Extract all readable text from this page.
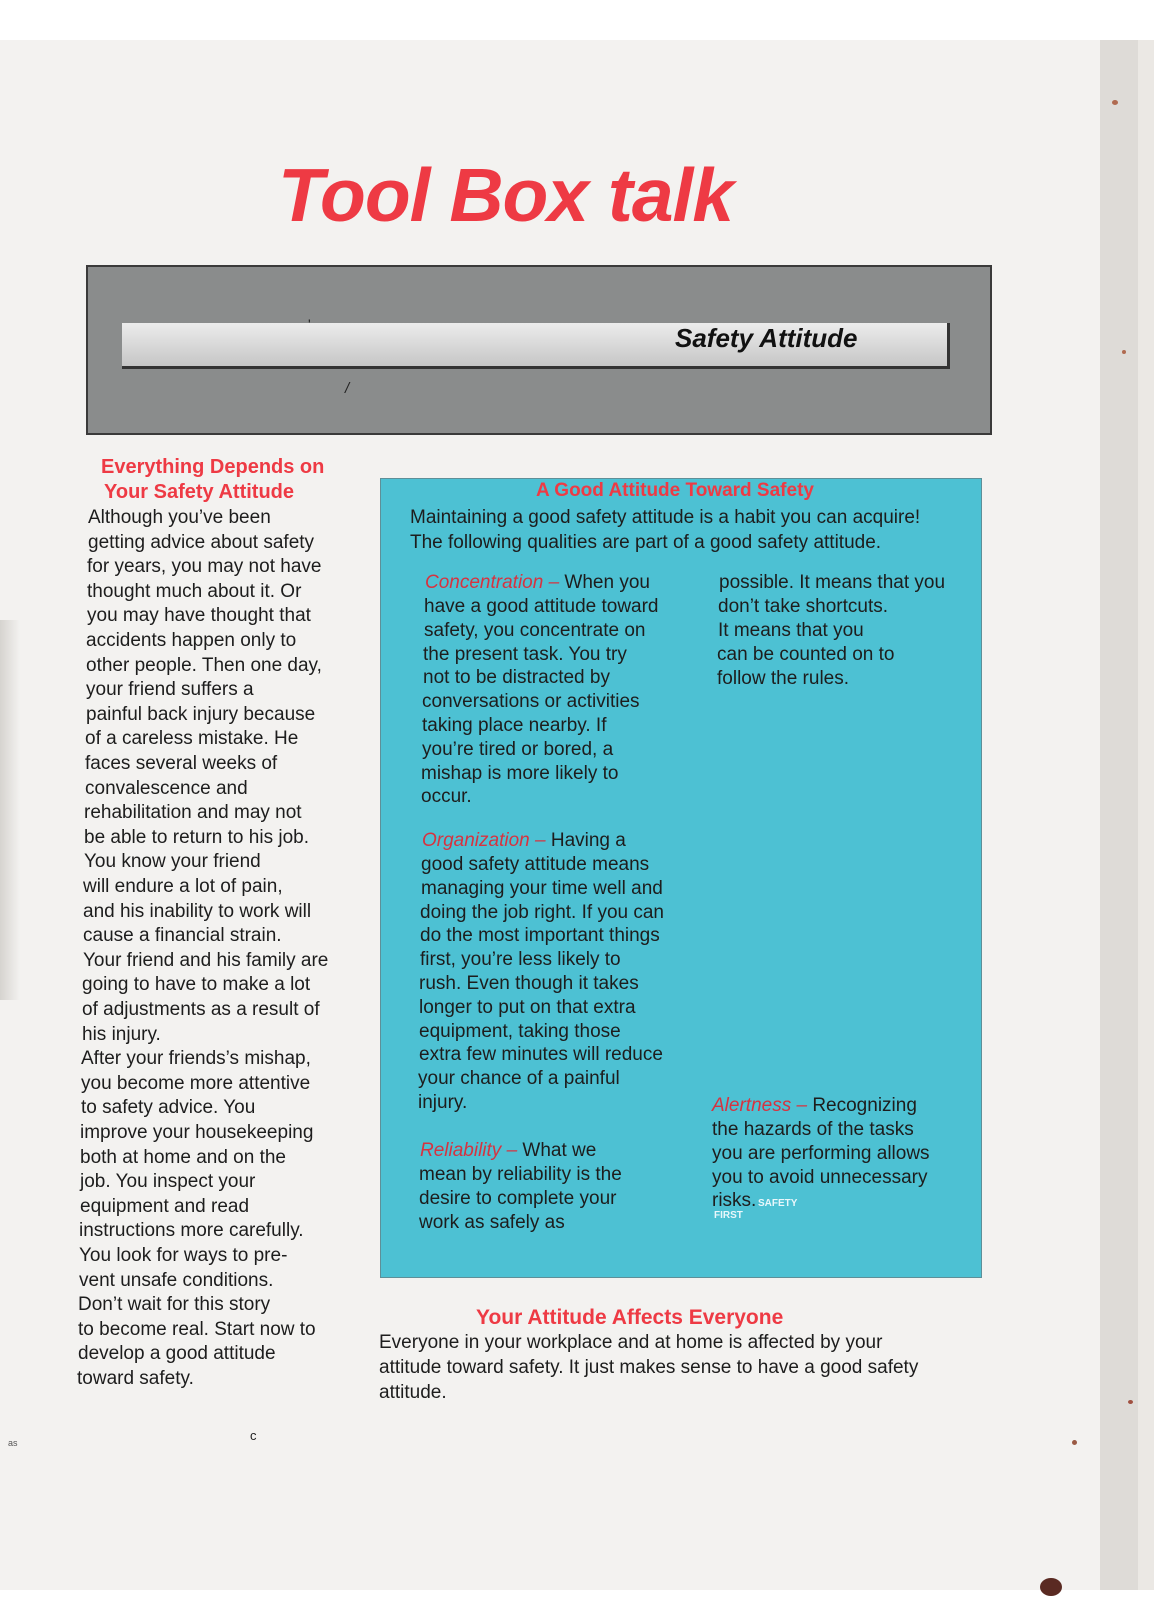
Tool Box talk
Safety Attitude
'
/
Everything Depends on
Your Safety Attitude
Although you’ve been
getting advice about safety
for years, you may not have
thought much about it. Or
you may have thought that
accidents happen only to
other people. Then one day,
your friend suffers a
painful back injury because
of a careless mistake. He
faces several weeks of
convalescence and
rehabilitation and may not
be able to return to his job.
You know your friend
will endure a lot of pain,
and his inability to work will
cause a financial strain.
Your friend and his family are
going to have to make a lot
of adjustments as a result of
his injury.
After your friends’s mishap,
you become more attentive
to safety advice. You
improve your housekeeping
both at home and on the
job. You inspect your
equipment and read
instructions more carefully.
You look for ways to pre-
vent unsafe conditions.
Don’t wait for this story
to become real. Start now to
develop a good attitude
toward safety.
A Good Attitude Toward Safety
Maintaining a good safety attitude is a habit you can acquire!
The following qualities are part of a good safety attitude.
Concentration – When you
have a good attitude toward
safety, you concentrate on
the present task. You try
not to be distracted by
conversations or activities
taking place nearby. If
you’re tired or bored, a
mishap is more likely to
occur.
Organization – Having a
good safety attitude means
managing your time well and
doing the job right. If you can
do the most important things
first, you’re less likely to
rush. Even though it takes
longer to put on that extra
equipment, taking those
extra few minutes will reduce
your chance of a painful
injury.
Reliability – What we
mean by reliability is the
desire to complete your
work as safely as
possible. It means that you
don’t take shortcuts.
It means that you
can be counted on to
follow the rules.
Alertness – Recognizing
the hazards of the tasks
you are performing allows
you to avoid unnecessary
risks. SAFETY
FIRST
Your Attitude Affects Everyone
Everyone in your workplace and at home is affected by your
attitude toward safety. It just makes sense to have a good safety
attitude.
c
as
